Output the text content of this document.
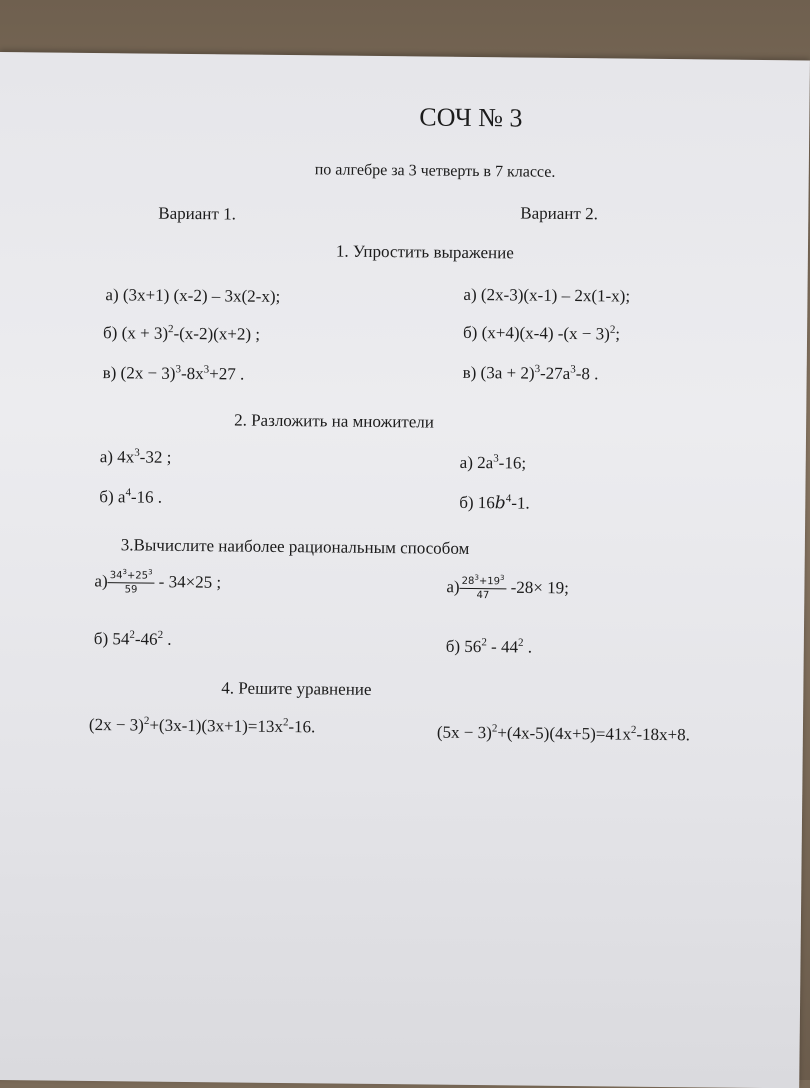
СОЧ № 3
по алгебре за 3 четверть в 7 классе.
Вариант 1.	Вариант 2.
1. Упростить выражение
а) (3х+1) (х-2) – 3х(2-х);	а) (2x-3)(x-1) – 2x(1-x);
б) $(x + 3)^2-(x-2)(x+2)$ ;	б) (x+4)(x-4) $-(x - 3)^2$;
в) $(2x - 3)^3-8x^3+27$ .	в) $(3a + 2)^3-27a^3-8$ .
2. Разложить на множители
а) $4x^3-32$ ;	а) $2a^3-16$;
б) $a^4-16$ .	б) $16b^4-1$.
3.Вычислите наиболее рациональным способом
$а) \frac{34^3+25^3}{59} - 34\times 25$ ;	$а) \frac{28^3+19^3}{47} -28\times 19$;
б) $54^2-46^2$ .	б) $56^2 - 44^2$ .
4. Решите уравнение
$(2x - 3)^2+(3x-1)(3x+1)=13x^2-16$.	$(5x - 3)^2+(4x-5)(4x+5)=41x^2-18x+8$.
